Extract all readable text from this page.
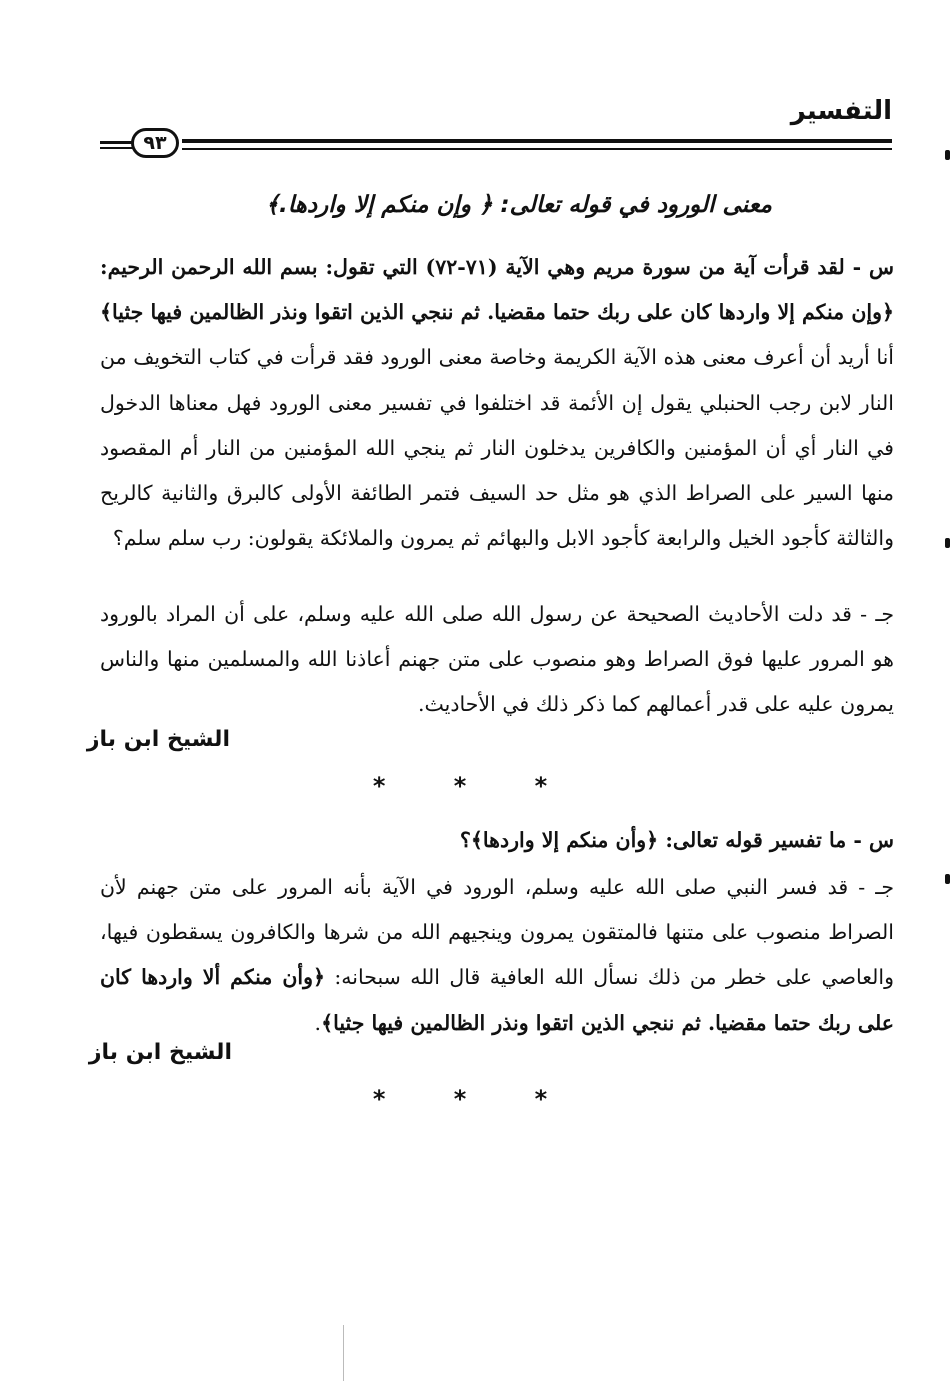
التفسير
٩٣
معنى الورود في قوله تعالى: ﴿ وإن منكم إلا واردها.﴾
س - لقد قرأت آية من سورة مريم وهي الآية (٧١-٧٢) التي تقول: بسم الله الرحمن الرحيم: ﴿وإن منكم إلا واردها كان على ربك حتما مقضيا. ثم ننجي الذين اتقوا ونذر الظالمين فيها جثيا﴾ أنا أريد أن أعرف معنى هذه الآية الكريمة وخاصة معنى الورود فقد قرأت في كتاب التخويف من النار لابن رجب الحنبلي يقول إن الأئمة قد اختلفوا في تفسير معنى الورود فهل معناها الدخول في النار أي أن المؤمنين والكافرين يدخلون النار ثم ينجي الله المؤمنين من النار أم المقصود منها السير على الصراط الذي هو مثل حد السيف فتمر الطائفة الأولى كالبرق والثانية كالريح والثالثة كأجود الخيل والرابعة كأجود الابل والبهائم ثم يمرون والملائكة يقولون: رب سلم سلم؟
جـ - قد دلت الأحاديث الصحيحة عن رسول الله صلى الله عليه وسلم، على أن المراد بالورود هو المرور عليها فوق الصراط وهو منصوب على متن جهنم أعاذنا الله والمسلمين منها والناس يمرون عليه على قدر أعمالهم كما ذكر ذلك في الأحاديث.
الشيخ ابن باز
* * *
س - ما تفسير قوله تعالى: ﴿وأن منكم إلا واردها﴾؟
جـ - قد فسر النبي صلى الله عليه وسلم، الورود في الآية بأنه المرور على متن جهنم لأن الصراط منصوب على متنها فالمتقون يمرون وينجيهم الله من شرها والكافرون يسقطون فيها، والعاصي على خطر من ذلك نسأل الله العافية قال الله سبحانه: ﴿وأن منكم ألا واردها كان على ربك حتما مقضيا. ثم ننجي الذين اتقوا ونذر الظالمين فيها جثيا﴾.
الشيخ ابن باز
* * *
